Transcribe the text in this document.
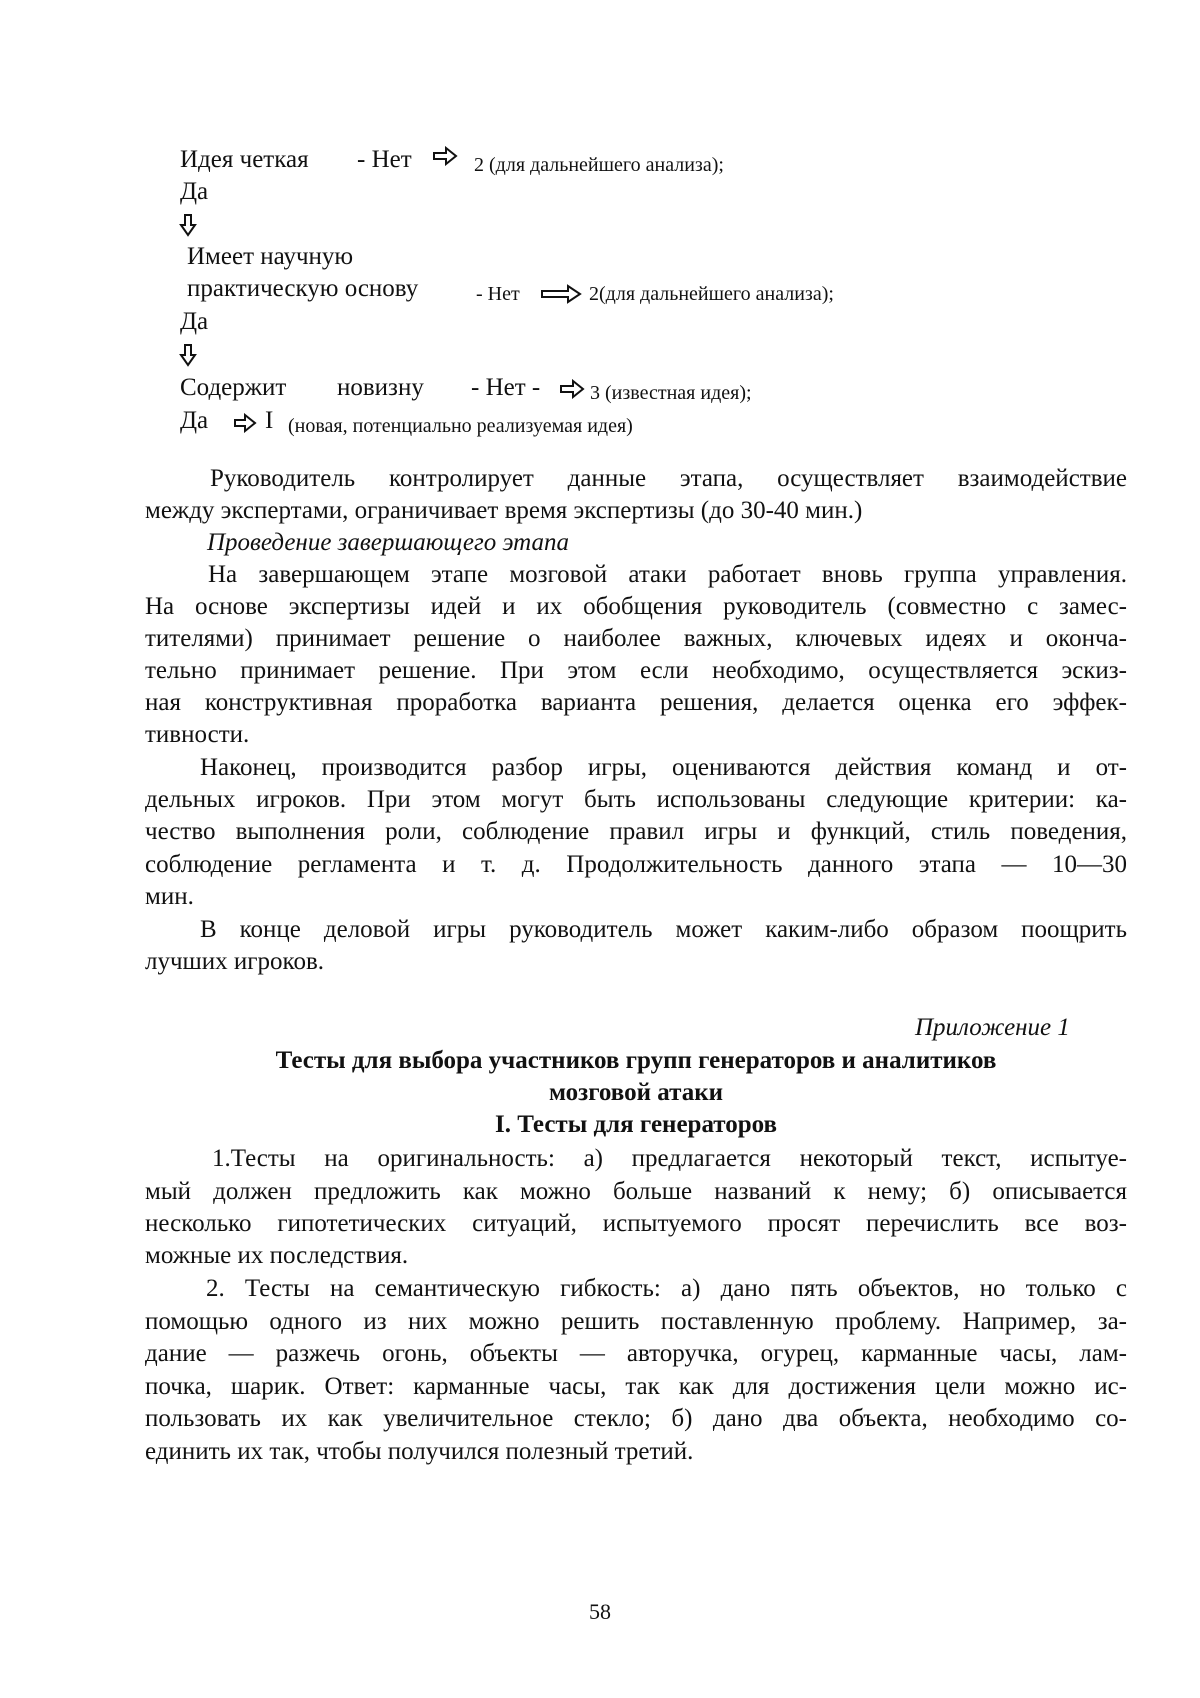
Идея четкая - Нет	2 (для дальнейшего анализа);
Да
Имеет научную
практическую основу	- Нет	2(для дальнейшего анализа);
Да
Содержит новизну - Нет - 3 (известная идея);
Да I (новая, потенциально реализуемая идея)
Руководитель контролирует данные этапа, осуществляет взаимодействие
между экспертами, ограничивает время экспертизы (до 30-40 мин.)
Проведение завершающего этапа
На завершающем этапе мозговой атаки работает вновь группа управления.
На основе экспертизы идей и их обобщения руководитель (совместно с замес-
тителями) принимает решение о наиболее важных, ключевых идеях и оконча-
тельно принимает решение. При этом если необходимо, осуществляется эскиз-
ная конструктивная проработка варианта решения, делается оценка его эффек-
тивности.
Наконец, производится разбор игры, оцениваются действия команд и от-
дельных игроков. При этом могут быть использованы следующие критерии: ка-
чество выполнения роли, соблюдение правил игры и функций, стиль поведения,
соблюдение регламента и т. д. Продолжительность данного этапа — 10—30
мин.
В конце деловой игры руководитель может каким-либо образом поощрить
лучших игроков.
Приложение 1
Тесты для выбора участников групп генераторов и аналитиков
мозговой атаки
I. Тесты для генераторов
1.Тесты на оригинальность: а) предлагается некоторый текст, испытуе-
мый должен предложить как можно больше названий к нему; б) описывается
несколько гипотетических ситуаций, испытуемого просят перечислить все воз-
можные их последствия.
2. Тесты на семантическую гибкость: а) дано пять объектов, но только с
помощью одного из них можно решить поставленную проблему. Например, за-
дание — разжечь огонь, объекты — авторучка, огурец, карманные часы, лам-
почка, шарик. Ответ: карманные часы, так как для достижения цели можно ис-
пользовать их как увеличительное стекло; б) дано два объекта, необходимо со-
единить их так, чтобы получился полезный третий.
58
